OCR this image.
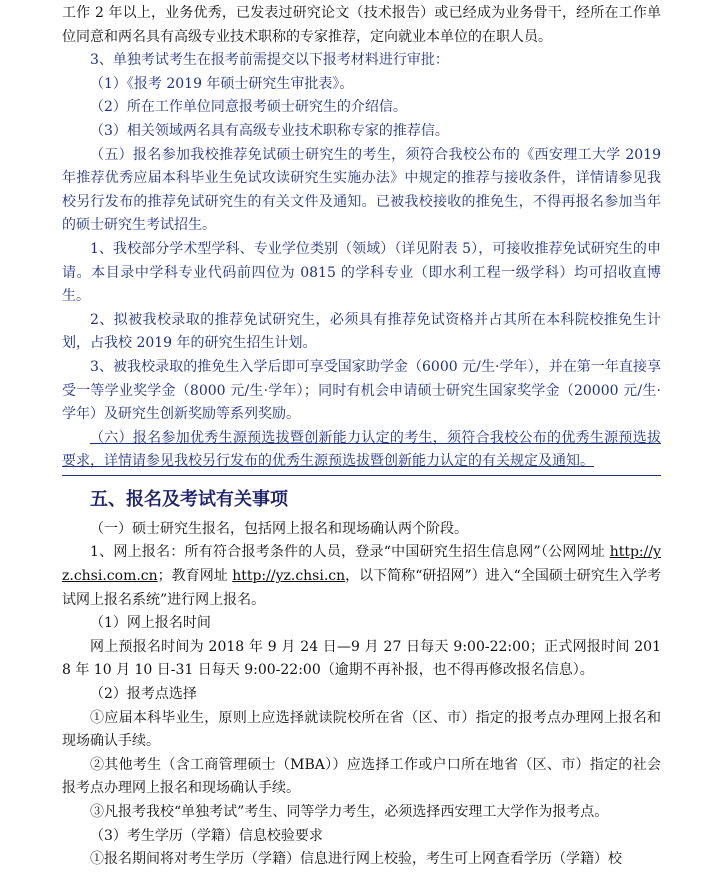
工作 2 年以上，业务优秀，已发表过研究论文（技术报告）或已经成为业务骨干，经所在工作单位同意和两名具有高级专业技术职称的专家推荐，定向就业本单位的在职人员。

3、单独考试考生在报考前需提交以下报考材料进行审批：

（1）《报考 2019 年硕士研究生审批表》。

（2）所在工作单位同意报考硕士研究生的介绍信。

（3）相关领域两名具有高级专业技术职称专家的推荐信。

（五）报名参加我校推荐免试硕士研究生的考生，须符合我校公布的《西安理工大学 2019 年推荐优秀应届本科毕业生免试攻读研究生实施办法》中规定的推荐与接收条件，详情请参见我校另行发布的推荐免试研究生的有关文件及通知。已被我校接收的推免生，不得再报名参加当年的硕士研究生考试招生。

1、我校部分学术型学科、专业学位类别（领域）（详见附表 5），可接收推荐免试研究生的申请。本目录中学科专业代码前四位为 0815 的学科专业（即水利工程一级学科）均可招收直博生。

2、拟被我校录取的推荐免试研究生，必须具有推荐免试资格并占其所在本科院校推免生计划，占我校 2019 年的研究生招生计划。

3、被我校录取的推免生入学后即可享受国家助学金（6000 元/生·学年），并在第一年直接享受一等学业奖学金（8000 元/生·学年）；同时有机会申请硕士研究生国家奖学金（20000 元/生·学年）及研究生创新奖励等系列奖励。

（六）报名参加优秀生源预选拔暨创新能力认定的考生，须符合我校公布的优秀生源预选拔要求，详情请参见我校另行发布的优秀生源预选拔暨创新能力认定的有关规定及通知。

五、报名及考试有关事项

（一）硕士研究生报名，包括网上报名和现场确认两个阶段。

1、网上报名：所有符合报考条件的人员，登录“中国研究生招生信息网”（公网网址 http://yz.chsi.com.cn；教育网址 http://yz.chsi.cn，以下简称“研招网”）进入“全国硕士研究生入学考试网上报名系统”进行网上报名。

（1）网上报名时间

网上预报名时间为 2018 年 9 月 24 日—9 月 27 日每天 9:00-22:00；正式网报时间 2018 年 10 月 10 日-31 日每天 9:00-22:00（逾期不再补报，也不得再修改报名信息）。

（2）报考点选择

①应届本科毕业生，原则上应选择就读院校所在省（区、市）指定的报考点办理网上报名和现场确认手续。

②其他考生（含工商管理硕士（MBA））应选择工作或户口所在地省（区、市）指定的社会报考点办理网上报名和现场确认手续。

③凡报考我校“单独考试”考生、同等学力考生，必须选择西安理工大学作为报考点。

（3）考生学历（学籍）信息校验要求

①报名期间将对考生学历（学籍）信息进行网上校验，考生可上网查看学历（学籍）校
